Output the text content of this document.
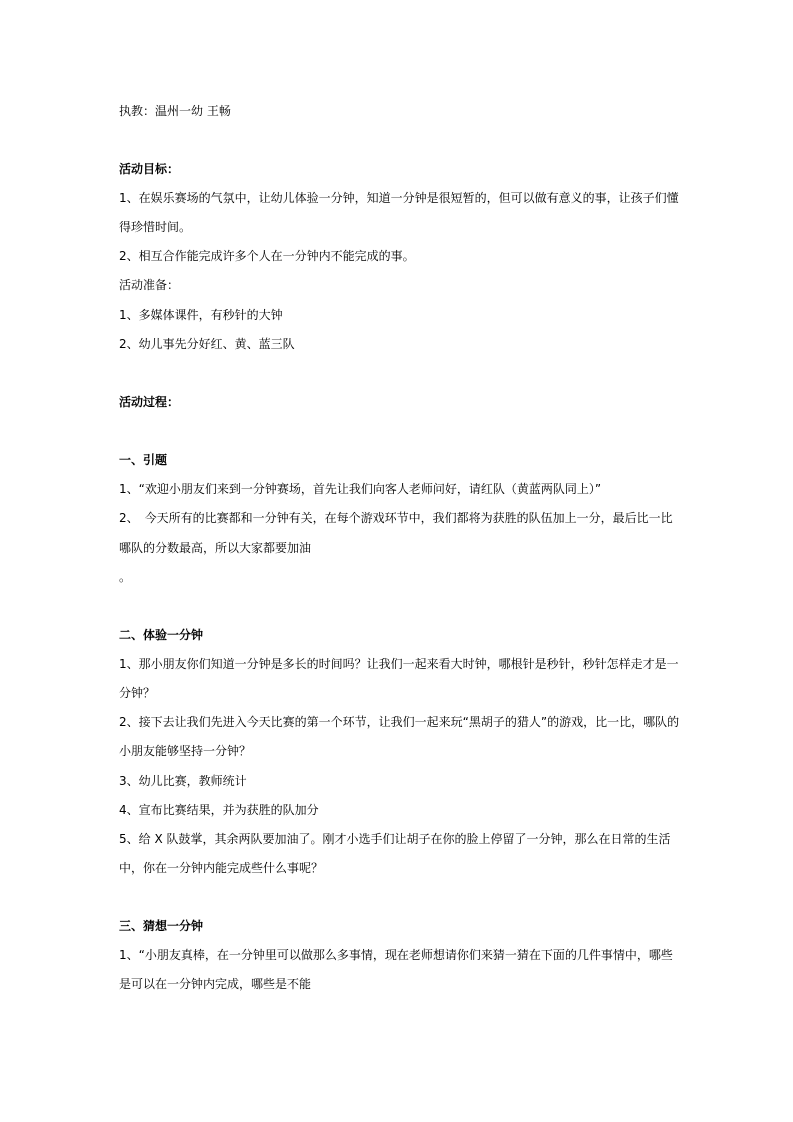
执教：温州一幼 王畅
活动目标：
1、在娱乐赛场的气氛中，让幼儿体验一分钟，知道一分钟是很短暂的，但可以做有意义的事，让孩子们懂
得珍惜时间。
2、相互合作能完成许多个人在一分钟内不能完成的事。
活动准备：
1、多媒体课件，有秒针的大钟
2、幼儿事先分好红、黄、蓝三队
活动过程：
一、引题
1、“欢迎小朋友们来到一分钟赛场，首先让我们向客人老师问好，请红队（黄蓝两队同上）”
2、　今天所有的比赛都和一分钟有关，在每个游戏环节中，我们都将为获胜的队伍加上一分，最后比一比
哪队的分数最高，所以大家都要加油
。
二、体验一分钟
1、那小朋友你们知道一分钟是多长的时间吗？让我们一起来看大时钟，哪根针是秒针，秒针怎样走才是一
分钟？
2、接下去让我们先进入今天比赛的第一个环节，让我们一起来玩“黑胡子的猎人”的游戏，比一比，哪队的
小朋友能够坚持一分钟？
3、幼儿比赛，教师统计
4、宣布比赛结果，并为获胜的队加分
5、给 X 队鼓掌，其余两队要加油了。刚才小选手们让胡子在你的脸上停留了一分钟，那么在日常的生活
中，你在一分钟内能完成些什么事呢？
三、猜想一分钟
1、“小朋友真棒，在一分钟里可以做那么多事情，现在老师想请你们来猜一猜在下面的几件事情中，哪些
是可以在一分钟内完成，哪些是不能
